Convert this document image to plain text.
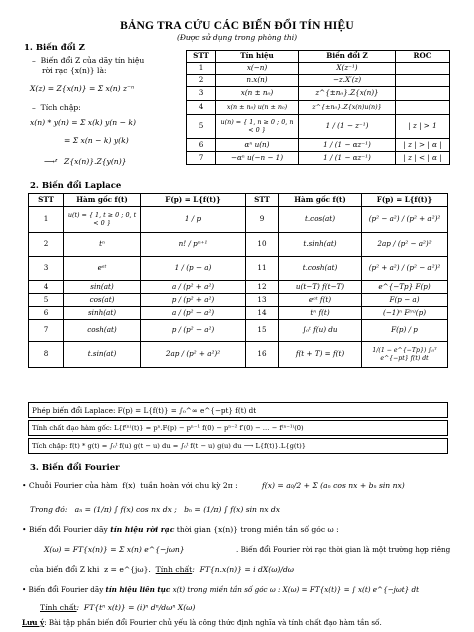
BẢNG TRA CỨU CÁC BIẾN ĐỔI TÍN HIỆU
(Được sử dụng trong phòng thi)
1. Biến đổi Z
–  Biến đổi Z của dãy tín hiệu
rời rạc {x(n)} là:
X(z) = Z{x(n)} = Σ x(n) z⁻ⁿ
–  Tích chập:
x(n) * y(n) = Σ x(k) y(n − k)
= Σ x(n − k) y(k)
⟶ᶻ Z{x(n)}.Z{y(n)}
STT	Tín hiệu	Biến đổi Z	ROC
1	x(−n)	X(z⁻¹)	
2	n.x(n)	−z.X′(z)	
3	x(n ± n₀)	z^{±n₀}.Z{x(n)}	
4	x(n ± n₀) u(n ± n₀)	z^{±n₀}.Z{x(n)u(n)}	
5	u(n) = { 1, n ≥ 0 ; 0, n < 0 }	1 / (1 − z⁻¹)	| z | > 1
6	αⁿ u(n)	1 / (1 − αz⁻¹)	| z | > | α |
7	−αⁿ u(−n − 1)	1 / (1 − αz⁻¹)	| z | < | α |
2. Biến đổi Laplace
STT	Hàm gốc f(t)	F(p) = L{f(t)}	STT	Hàm gốc f(t)	F(p) = L{f(t)}
1	u(t) = { 1, t ≥ 0 ; 0, t < 0 }	1 / p	9	t.cos(at)	(p² − a²) / (p² + a²)²
2	tⁿ	n! / pⁿ⁺¹	10	t.sinh(at)	2ap / (p² − a²)²
3	eᵃᵗ	1 / (p − a)	11	t.cosh(at)	(p² + a²) / (p² − a²)²
4	sin(at)	a / (p² + a²)	12	u(t−T) f(t−T)	e^{−Tp} F(p)
5	cos(at)	p / (p² + a²)	13	eᵃᵗ f(t)	F(p − a)
6	sinh(at)	a / (p² − a²)	14	tⁿ f(t)	(−1)ⁿ F⁽ⁿ⁾(p)
7	cosh(at)	p / (p² − a²)	15	∫₀ᵗ f(u) du	F(p) / p
8	t.sin(at)	2ap / (p² + a²)²	16	f(t + T) = f(t)	1/(1 − e^{−Tp}) ∫₀ᵀ e^{−pt} f(t) dt
Phép biến đổi Laplace: F(p) = L{f(t)} = ∫₀^∞ e^{−pt} f(t) dt
Tính chất đạo hàm gốc: L{f⁽ⁿ⁾(t)} = pⁿ.F(p) − pⁿ⁻¹ f(0) − pⁿ⁻² f′(0) − … − f⁽ⁿ⁻¹⁾(0)
Tích chập: f(t) * g(t) = ∫₀ᵗ f(u) g(t − u) du = ∫₀ᵗ f(t − u) g(u) du ⟶ L{f(t)}.L{g(t)}
3. Biến đổi Fourier
•  Chuỗi Fourier của hàm  f(x)  tuần hoàn với chu kỳ 2π :	f(x) = a₀/2 + Σ (aₙ cos nx + bₙ sin nx)
Trong đó:   aₙ = (1/π) ∫ f(x) cos nx dx ;   bₙ = (1/π) ∫ f(x) sin nx dx
•  Biến đổi Fourier dãy tín hiệu rời rạc thời gian {x(n)} trong miền tần số góc ω :
X(ω) = FT{x(n)} = Σ x(n) e^{−jωn}	. Biến đổi Fourier rời rạc thời gian là một trường hợp riêng
của biến đổi Z khi  z = e^{jω}.  Tính chất:  FT{n.x(n)} = i dX(ω)/dω
•  Biến đổi Fourier dãy tín hiệu liên tục x(t) trong miền tần số góc ω : X(ω) = FT{x(t)} = ∫ x(t) e^{−jωt} dt
Tính chất:  FT{tⁿ x(t)} = (i)ⁿ dⁿ/dωⁿ X(ω)
Lưu ý: Bài tập phần biến đổi Fourier chủ yếu là công thức định nghĩa và tính chất đạo hàm tần số.
